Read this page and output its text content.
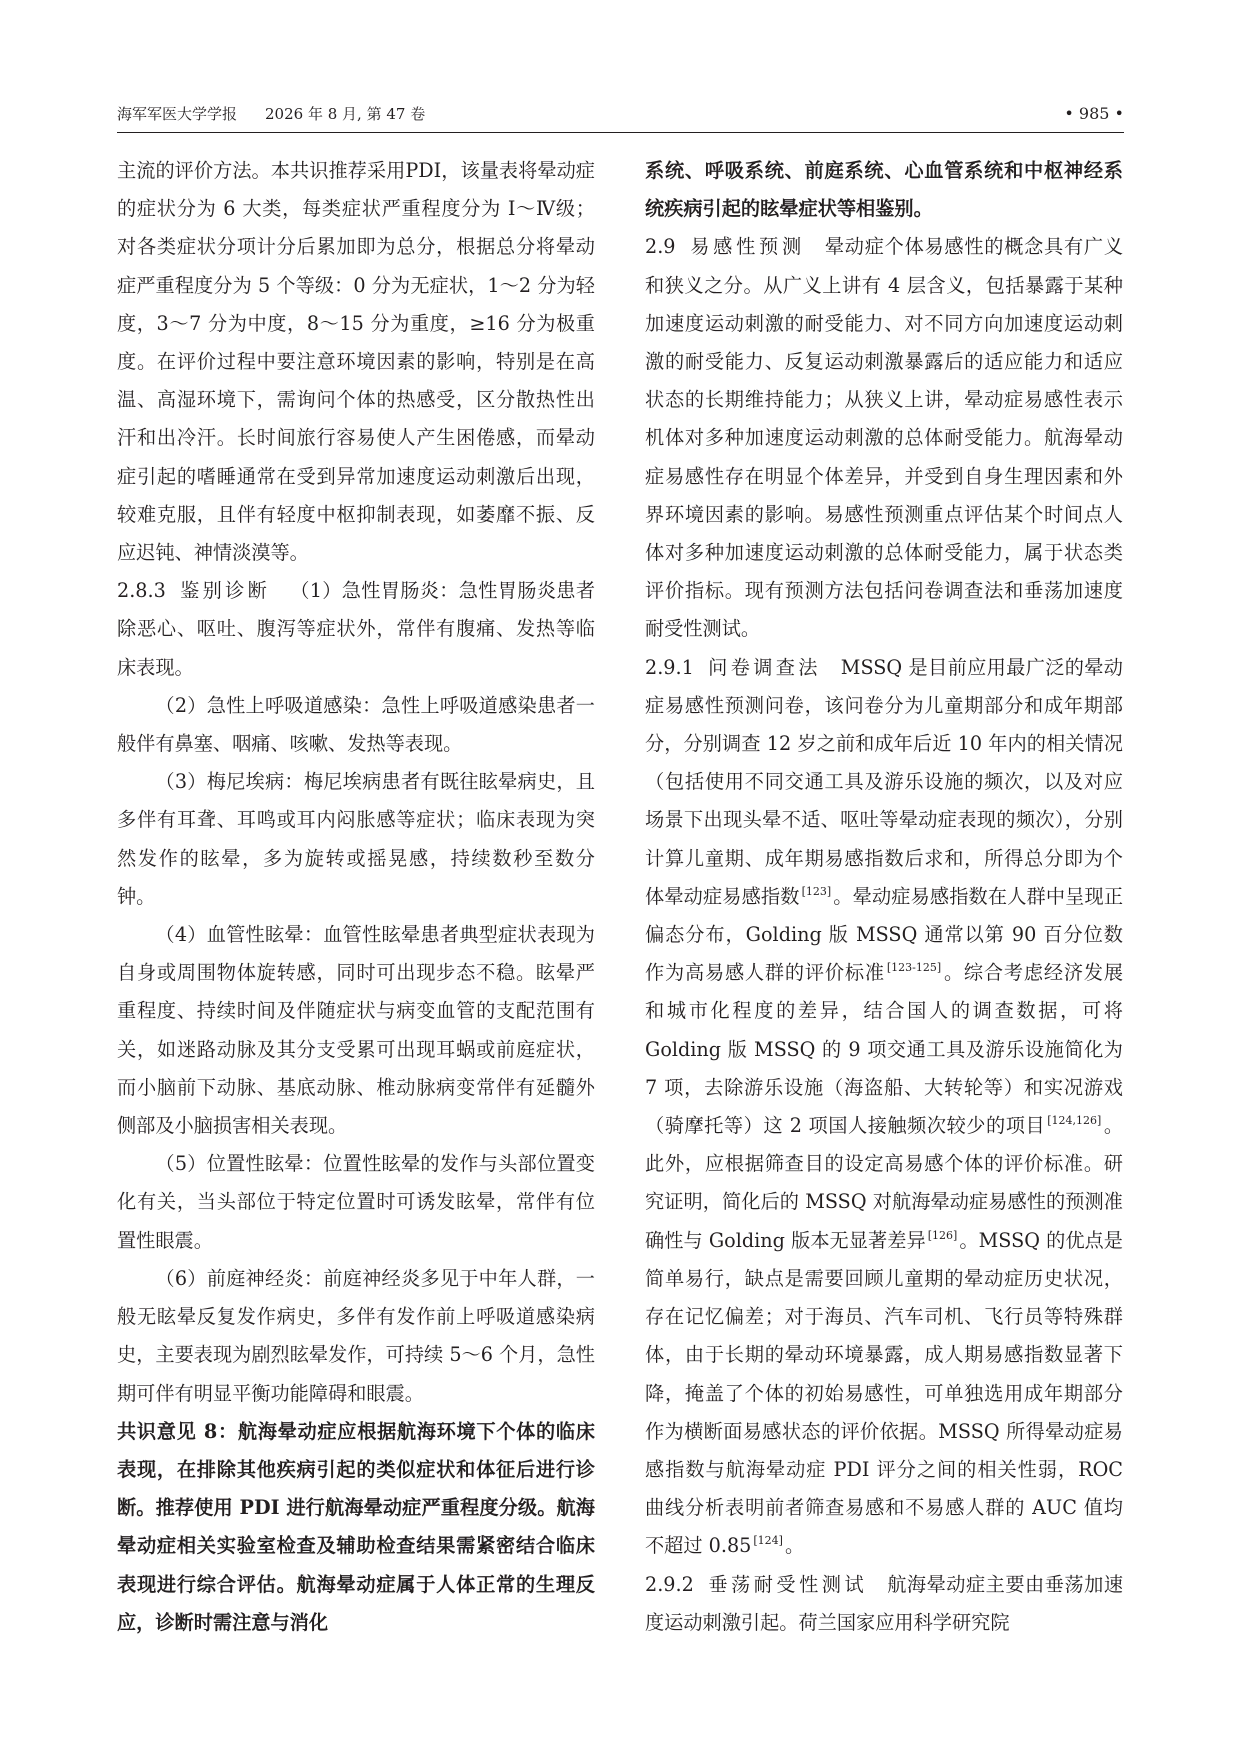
海军军医大学学报 2026 年 8 月, 第 47 卷	• 985 •

主流的评价方法。本共识推荐采用PDI，该量表将晕动症的症状分为 6 大类，每类症状严重程度分为 Ⅰ～Ⅳ级；对各类症状分项计分后累加即为总分，根据总分将晕动症严重程度分为 5 个等级：0 分为无症状，1～2 分为轻度，3～7 分为中度，8～15 分为重度，≥16 分为极重度。在评价过程中要注意环境因素的影响，特别是在高温、高湿环境下，需询问个体的热感受，区分散热性出汗和出冷汗。长时间旅行容易使人产生困倦感，而晕动症引起的嗜睡通常在受到异常加速度运动刺激后出现，较难克服，且伴有轻度中枢抑制表现，如萎靡不振、反应迟钝、神情淡漠等。

2.8.3 鉴别诊断 （1）急性胃肠炎：急性胃肠炎患者除恶心、呕吐、腹泻等症状外，常伴有腹痛、发热等临床表现。

（2）急性上呼吸道感染：急性上呼吸道感染患者一般伴有鼻塞、咽痛、咳嗽、发热等表现。

（3）梅尼埃病：梅尼埃病患者有既往眩晕病史，且多伴有耳聋、耳鸣或耳内闷胀感等症状；临床表现为突然发作的眩晕，多为旋转或摇晃感，持续数秒至数分钟。

（4）血管性眩晕：血管性眩晕患者典型症状表现为自身或周围物体旋转感，同时可出现步态不稳。眩晕严重程度、持续时间及伴随症状与病变血管的支配范围有关，如迷路动脉及其分支受累可出现耳蜗或前庭症状，而小脑前下动脉、基底动脉、椎动脉病变常伴有延髓外侧部及小脑损害相关表现。

（5）位置性眩晕：位置性眩晕的发作与头部位置变化有关，当头部位于特定位置时可诱发眩晕，常伴有位置性眼震。

（6）前庭神经炎：前庭神经炎多见于中年人群，一般无眩晕反复发作病史，多伴有发作前上呼吸道感染病史，主要表现为剧烈眩晕发作，可持续 5～6 个月，急性期可伴有明显平衡功能障碍和眼震。

共识意见 8：航海晕动症应根据航海环境下个体的临床表现，在排除其他疾病引起的类似症状和体征后进行诊断。推荐使用 PDI 进行航海晕动症严重程度分级。航海晕动症相关实验室检查及辅助检查结果需紧密结合临床表现进行综合评估。航海晕动症属于人体正常的生理反应，诊断时需注意与消化

系统、呼吸系统、前庭系统、心血管系统和中枢神经系统疾病引起的眩晕症状等相鉴别。

2.9 易感性预测 晕动症个体易感性的概念具有广义和狭义之分。从广义上讲有 4 层含义，包括暴露于某种加速度运动刺激的耐受能力、对不同方向加速度运动刺激的耐受能力、反复运动刺激暴露后的适应能力和适应状态的长期维持能力；从狭义上讲，晕动症易感性表示机体对多种加速度运动刺激的总体耐受能力。航海晕动症易感性存在明显个体差异，并受到自身生理因素和外界环境因素的影响。易感性预测重点评估某个时间点人体对多种加速度运动刺激的总体耐受能力，属于状态类评价指标。现有预测方法包括问卷调查法和垂荡加速度耐受性测试。

2.9.1 问卷调查法 MSSQ 是目前应用最广泛的晕动症易感性预测问卷，该问卷分为儿童期部分和成年期部分，分别调查 12 岁之前和成年后近 10 年内的相关情况（包括使用不同交通工具及游乐设施的频次，以及对应场景下出现头晕不适、呕吐等晕动症表现的频次），分别计算儿童期、成年期易感指数后求和，所得总分即为个体晕动症易感指数 [123] 。晕动症易感指数在人群中呈现正偏态分布，Golding 版 MSSQ 通常以第 90 百分位数作为高易感人群的评价标准 [123-125] 。综合考虑经济发展和城市化程度的差异，结合国人的调查数据，可将 Golding 版 MSSQ 的 9 项交通工具及游乐设施简化为 7 项，去除游乐设施（海盗船、大转轮等）和实况游戏（骑摩托等）这 2 项国人接触频次较少的项目 [124,126] 。此外，应根据筛查目的设定高易感个体的评价标准。研究证明，简化后的 MSSQ 对航海晕动症易感性的预测准确性与 Golding 版本无显著差异 [126] 。MSSQ 的优点是简单易行，缺点是需要回顾儿童期的晕动症历史状况，存在记忆偏差；对于海员、汽车司机、飞行员等特殊群体，由于长期的晕动环境暴露，成人期易感指数显著下降，掩盖了个体的初始易感性，可单独选用成年期部分作为横断面易感状态的评价依据。MSSQ 所得晕动症易感指数与航海晕动症 PDI 评分之间的相关性弱，ROC 曲线分析表明前者筛查易感和不易感人群的 AUC 值均不超过 0.85 [124] 。

2.9.2 垂荡耐受性测试 航海晕动症主要由垂荡加速度运动刺激引起。荷兰国家应用科学研究院
